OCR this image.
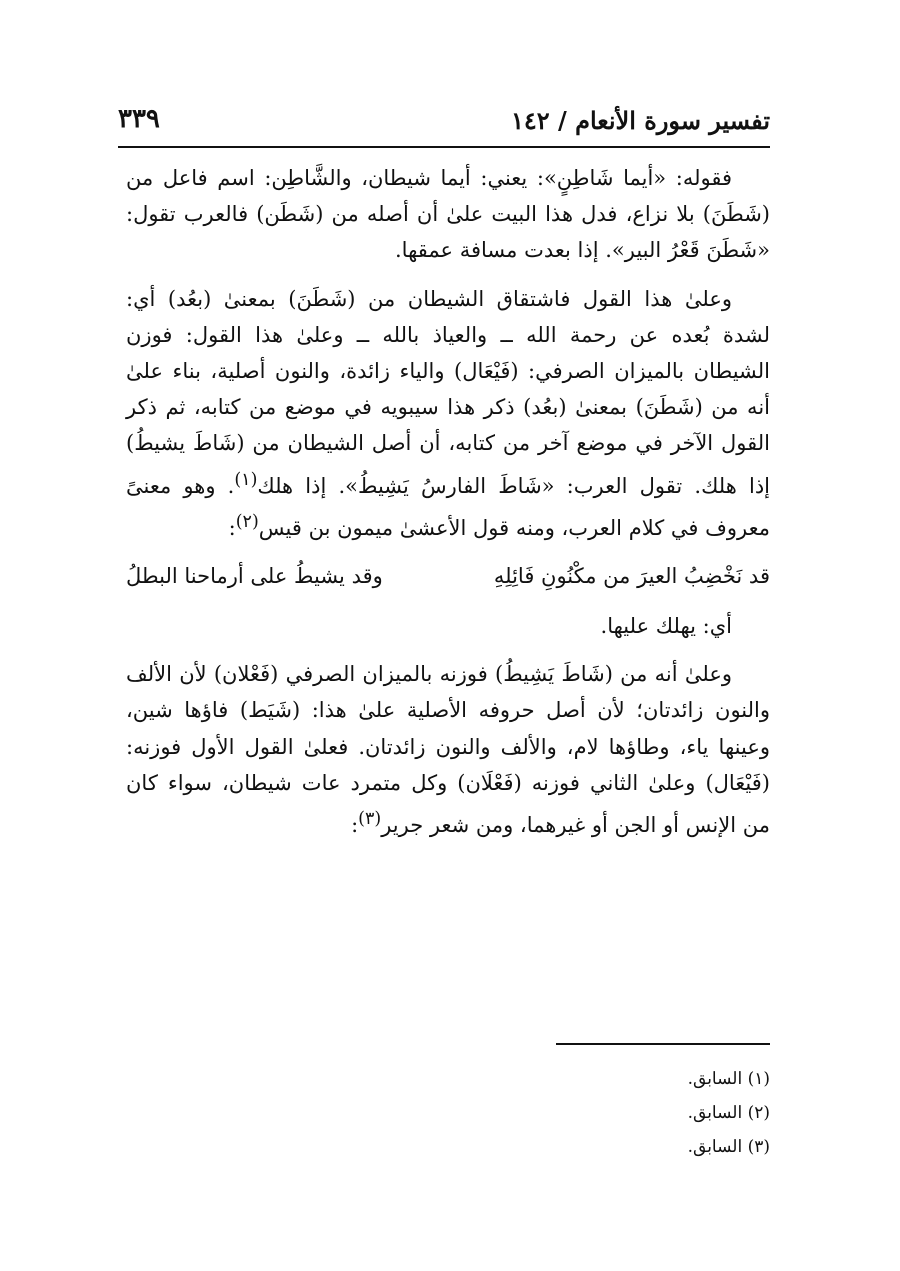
تفسير سورة الأنعام / ١٤٢
٣٣٩

فقوله: «أيما شَاطِنٍ»: يعني: أيما شيطان، والشَّاطِن: اسم فاعل من (شَطَنَ) بلا نزاع، فدل هذا البيت علىٰ أن أصله من (شَطَن) فالعرب تقول: «شَطَنَ قَعْرُ البير». إذا بعدت مسافة عمقها.

وعلىٰ هذا القول فاشتقاق الشيطان من (شَطَنَ) بمعنىٰ (بعُد) أي: لشدة بُعده عن رحمة الله ــ والعياذ بالله ــ وعلىٰ هذا القول: فوزن الشيطان بالميزان الصرفي: (فَيْعَال) والياء زائدة، والنون أصلية، بناء علىٰ أنه من (شَطَنَ) بمعنىٰ (بعُد) ذكر هذا سيبويه في موضع من كتابه، ثم ذكر القول الآخر في موضع آخر من كتابه، أن أصل الشيطان من (شَاطَ يشيطُ) إذا هلك. تقول العرب: «شَاطَ الفارسُ يَشِيطُ». إذا هلك$^{(١)}$. وهو معنىً معروف في كلام العرب، ومنه قول الأعشىٰ ميمون بن قيس$^{(٢)}$:

قد نَخْضِبُ العيرَ من مكْنُونِ فَائِلِهِ
وقد يشيطُ على أرماحنا البطلُ

أي: يهلك عليها.

وعلىٰ أنه من (شَاطَ يَشِيطُ) فوزنه بالميزان الصرفي (فَعْلان) لأن الألف والنون زائدتان؛ لأن أصل حروفه الأصلية علىٰ هذا: (شَيَط) فاؤها شين، وعينها ياء، وطاؤها لام، والألف والنون زائدتان. فعلىٰ القول الأول فوزنه: (فَيْعَال) وعلىٰ الثاني فوزنه (فَعْلَان) وكل متمرد عات شيطان، سواء كان من الإنس أو الجن أو غيرهما، ومن شعر جرير$^{(٣)}$:

(١) السابق.

(٢) السابق.

(٣) السابق.
